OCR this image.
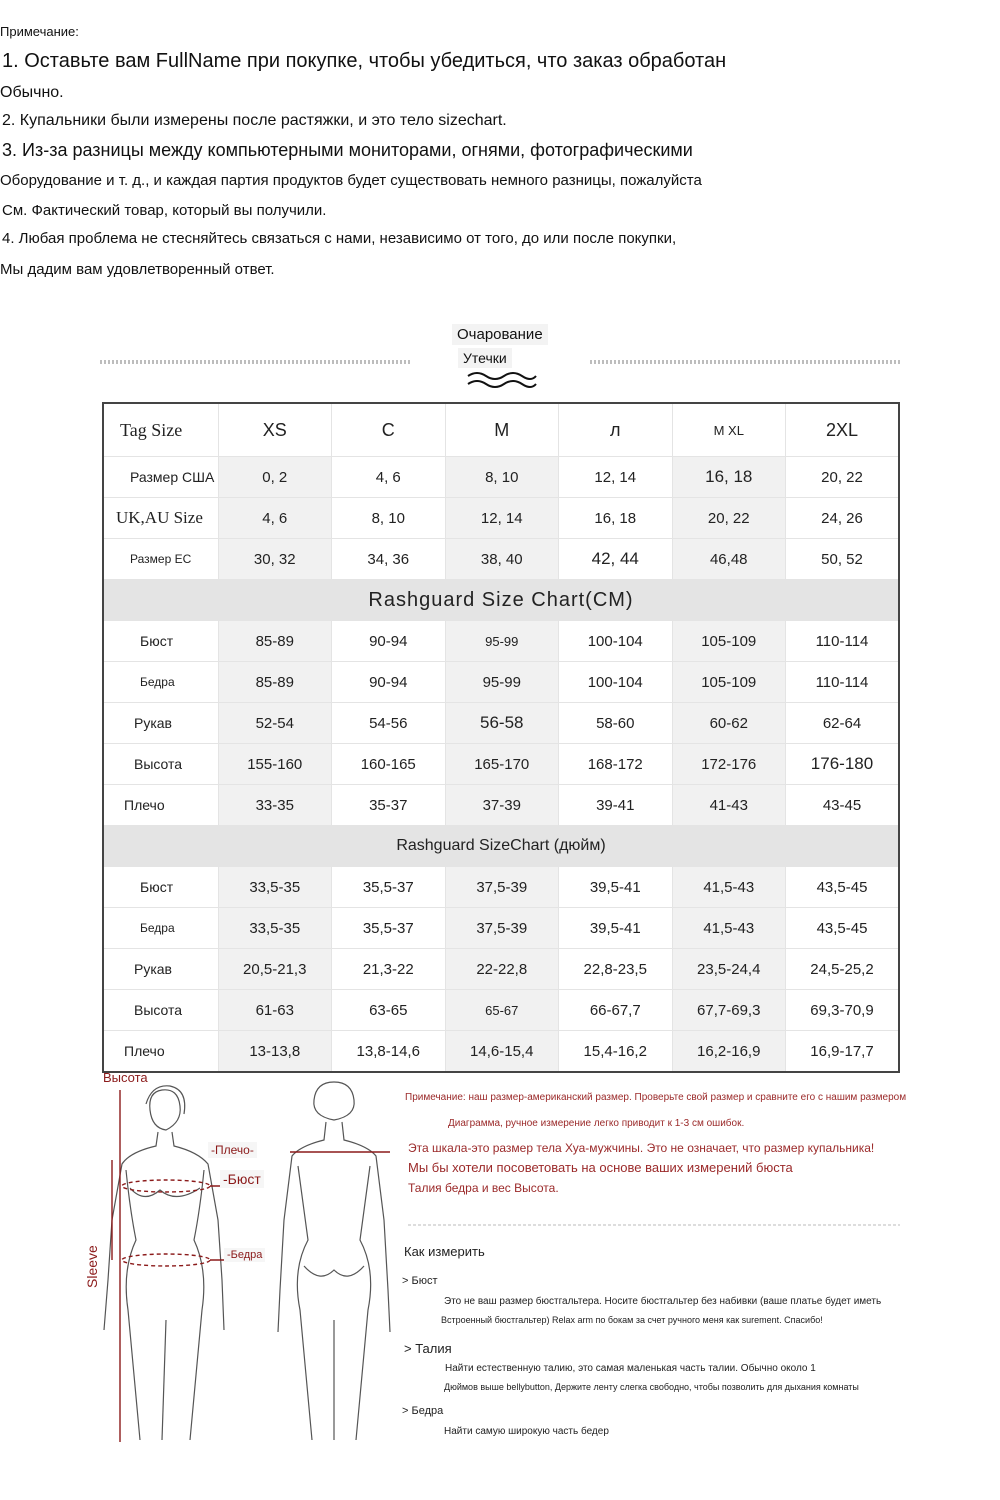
Примечание:
1. Оставьте вам FullName при покупке, чтобы убедиться, что заказ обработан
Обычно.
2. Купальники были измерены после растяжки, и это тело sizechart.
3. Из-за разницы между компьютерными мониторами, огнями, фотографическими
Оборудование и т. д., и каждая партия продуктов будет существовать немного разницы, пожалуйста
См. Фактический товар, который вы получили.
4. Любая проблема не стесняйтесь связаться с нами, независимо от того, до или после покупки,
Мы дадим вам удовлетворенный ответ.
Очарование
Утечки
Tag Size	XS	C	M	л	M XL	2XL
Размер США	0, 2	4, 6	8, 10	12, 14	16, 18	20, 22
UK,AU Size	4, 6	8, 10	12, 14	16, 18	20, 22	24, 26
Размер ЕС	30, 32	34, 36	38, 40	42, 44	46,48	50, 52
Rashguard Size Chart(CM)						
Бюст	85-89	90-94	95-99	100-104	105-109	110-114
Бедра	85-89	90-94	95-99	100-104	105-109	110-114
Рукав	52-54	54-56	56-58	58-60	60-62	62-64
Высота	155-160	160-165	165-170	168-172	172-176	176-180
Плечо	33-35	35-37	37-39	39-41	41-43	43-45
Rashguard SizeChart (дюйм)						
Бюст	33,5-35	35,5-37	37,5-39	39,5-41	41,5-43	43,5-45
Бедра	33,5-35	35,5-37	37,5-39	39,5-41	41,5-43	43,5-45
Рукав	20,5-21,3	21,3-22	22-22,8	22,8-23,5	23,5-24,4	24,5-25,2
Высота	61-63	63-65	65-67	66-67,7	67,7-69,3	69,3-70,9
Плечо	13-13,8	13,8-14,6	14,6-15,4	15,4-16,2	16,2-16,9	16,9-17,7
Высота
-Плечо-
-Бюст
-Бедра
Sleeve
Примечание: наш размер-американский размер. Проверьте свой размер и сравните его с нашим размером
Диаграмма, ручное измерение легко приводит к 1-3 см ошибок.
Эта шкала-это размер тела Хуа-мужчины. Это не означает, что размер купальника!
Мы бы хотели посоветовать на основе ваших измерений бюста
Талия бедра и вес Высота.
Как измерить
> Бюст
Это не ваш размер бюстгальтера. Носите бюстгальтер без набивки (ваше платье будет иметь
Встроенный бюстгальтер) Relax arm по бокам за счет ручного меня как surement. Спасибо!
> Талия
Найти естественную талию, это самая маленькая часть талии. Обычно около 1
Дюймов выше bellybutton, Держите ленту слегка свободно, чтобы позволить для дыхания комнаты
> Бедра
Найти самую широкую часть бедер
